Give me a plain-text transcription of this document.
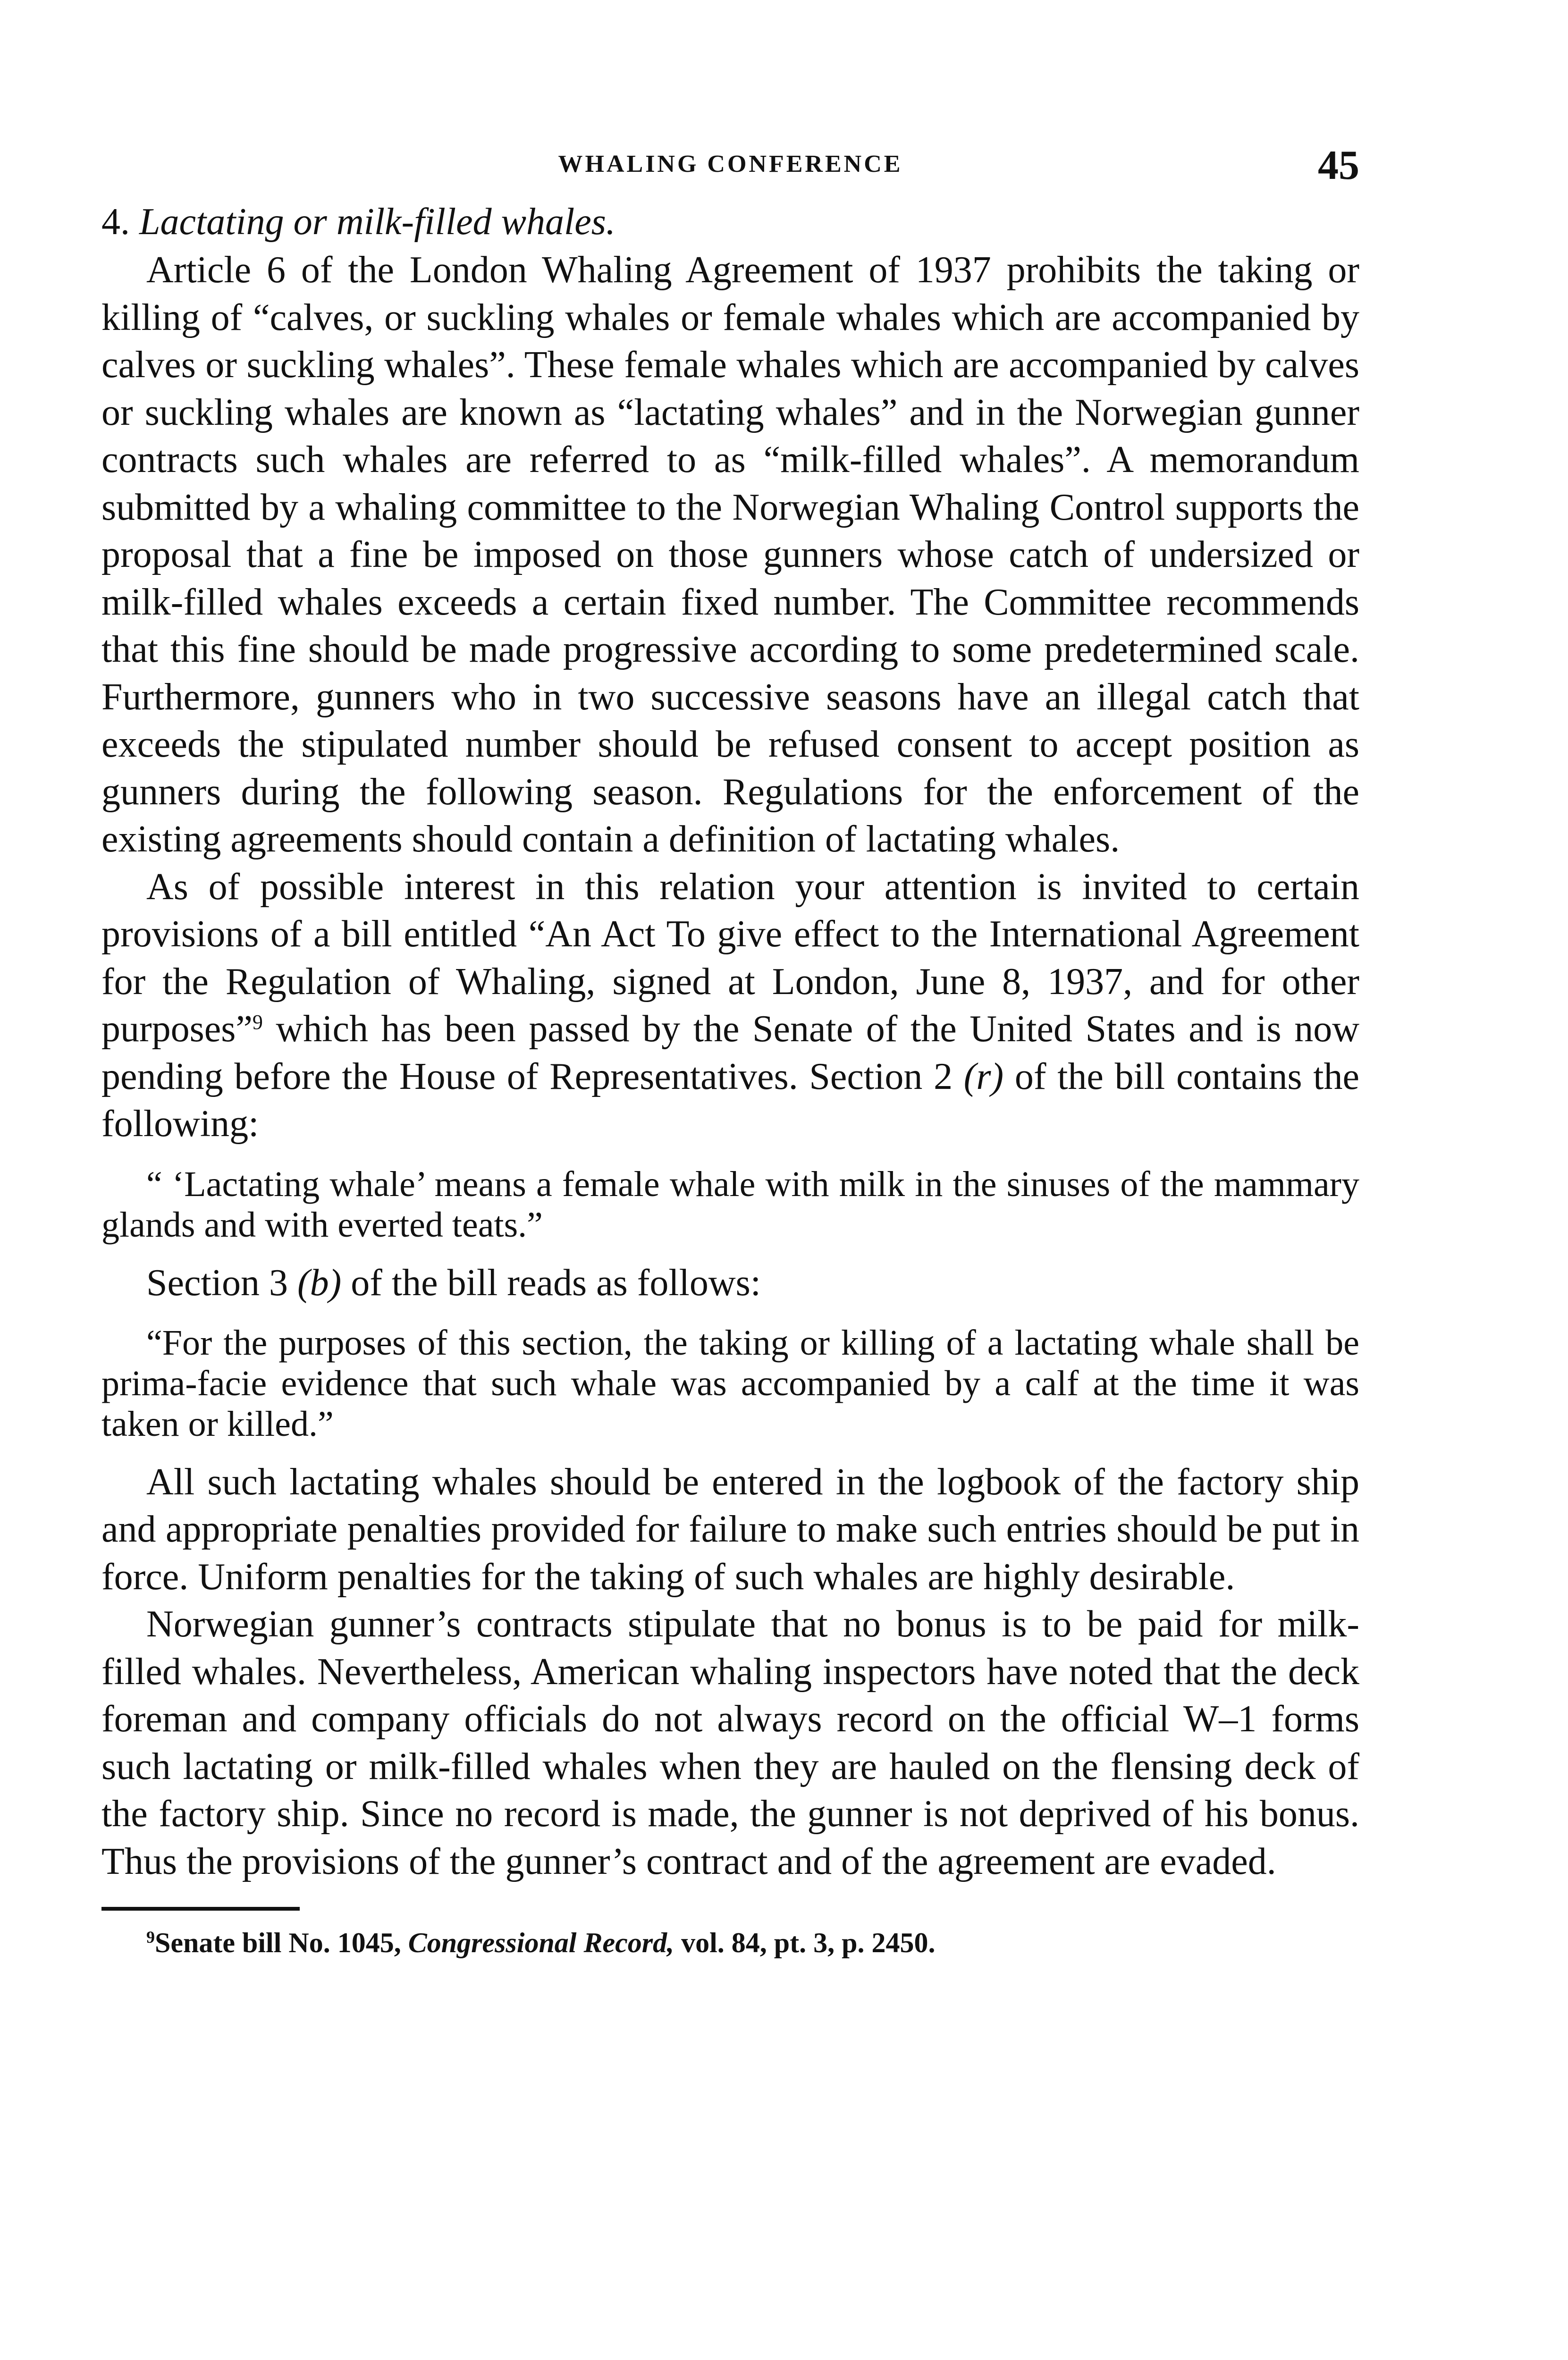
WHALING CONFERENCE	45
4. Lactating or milk-filled whales.

Article 6 of the London Whaling Agreement of 1937 prohibits the taking or killing of “calves, or suckling whales or female whales which are accompanied by calves or suckling whales”. These female whales which are accompanied by calves or suckling whales are known as “lactating whales” and in the Norwegian gunner contracts such whales are referred to as “milk-filled whales”. A memorandum submitted by a whaling committee to the Norwegian Whaling Control supports the proposal that a fine be imposed on those gunners whose catch of undersized or milk-filled whales exceeds a certain fixed number. The Committee recommends that this fine should be made progressive according to some predetermined scale. Furthermore, gunners who in two successive seasons have an illegal catch that exceeds the stipulated number should be refused consent to accept position as gunners during the following season. Regulations for the enforcement of the existing agreements should contain a definition of lactating whales.

As of possible interest in this relation your attention is invited to certain provisions of a bill entitled “An Act To give effect to the International Agreement for the Regulation of Whaling, signed at London, June 8, 1937, and for other purposes”$^9$ which has been passed by the Senate of the United States and is now pending before the House of Representatives. Section 2 (r) of the bill contains the following:

“ ‘Lactating whale’ means a female whale with milk in the sinuses of the mammary glands and with everted teats.”

Section 3 (b) of the bill reads as follows:

“For the purposes of this section, the taking or killing of a lactating whale shall be prima-facie evidence that such whale was accompanied by a calf at the time it was taken or killed.”

All such lactating whales should be entered in the logbook of the factory ship and appropriate penalties provided for failure to make such entries should be put in force. Uniform penalties for the taking of such whales are highly desirable.

Norwegian gunner’s contracts stipulate that no bonus is to be paid for milk-filled whales. Nevertheless, American whaling inspectors have noted that the deck foreman and company officials do not always record on the official W–1 forms such lactating or milk-filled whales when they are hauled on the flensing deck of the factory ship. Since no record is made, the gunner is not deprived of his bonus. Thus the provisions of the gunner’s contract and of the agreement are evaded.

$^9$Senate bill No. 1045, Congressional Record, vol. 84, pt. 3, p. 2450.
